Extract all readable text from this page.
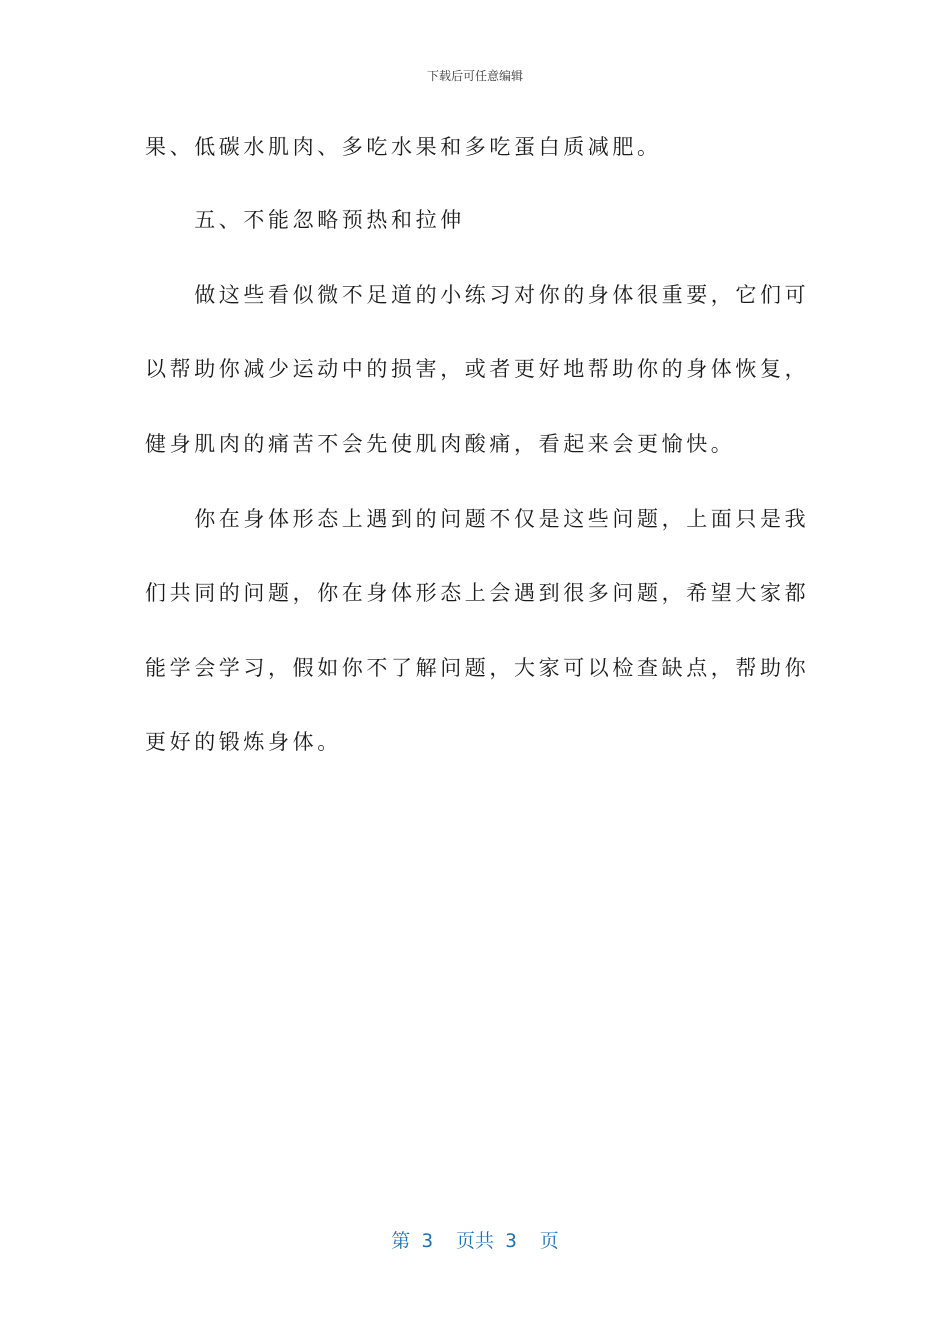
下载后可任意编辑
果、低碳水肌肉、多吃水果和多吃蛋白质减肥。
　　五、不能忽略预热和拉伸
　　做这些看似微不足道的小练习对你的身体很重要，它们可
以帮助你减少运动中的损害，或者更好地帮助你的身体恢复，
健身肌肉的痛苦不会先使肌肉酸痛，看起来会更愉快。
　　你在身体形态上遇到的问题不仅是这些问题，上面只是我
们共同的问题，你在身体形态上会遇到很多问题，希望大家都
能学会学习，假如你不了解问题，大家可以检查缺点，帮助你
更好的锻炼身体。
第 3  页共 3  页
